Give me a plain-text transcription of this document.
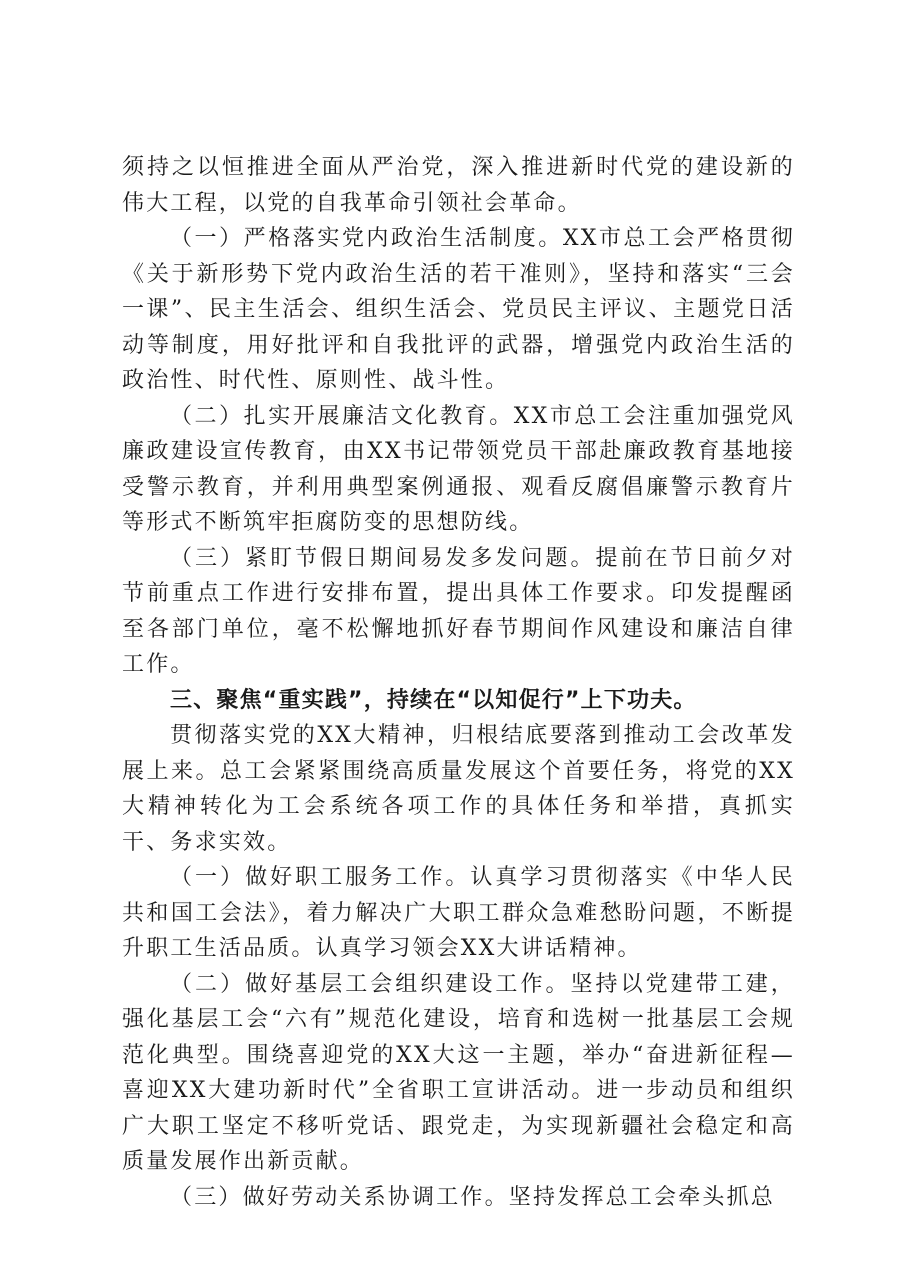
须持之以恒推进全面从严治党，深入推进新时代党的建设新的伟大工程，以党的自我革命引领社会革命。

（一）严格落实党内政治生活制度。XX市总工会严格贯彻《关于新形势下党内政治生活的若干准则》，坚持和落实“三会一课”、民主生活会、组织生活会、党员民主评议、主题党日活动等制度，用好批评和自我批评的武器，增强党内政治生活的政治性、时代性、原则性、战斗性。

（二）扎实开展廉洁文化教育。XX市总工会注重加强党风廉政建设宣传教育，由XX书记带领党员干部赴廉政教育基地接受警示教育，并利用典型案例通报、观看反腐倡廉警示教育片等形式不断筑牢拒腐防变的思想防线。

（三）紧盯节假日期间易发多发问题。提前在节日前夕对节前重点工作进行安排布置，提出具体工作要求。印发提醒函至各部门单位，毫不松懈地抓好春节期间作风建设和廉洁自律工作。

三、聚焦“重实践”，持续在“以知促行”上下功夫。

贯彻落实党的XX大精神，归根结底要落到推动工会改革发展上来。总工会紧紧围绕高质量发展这个首要任务，将党的XX大精神转化为工会系统各项工作的具体任务和举措，真抓实干、务求实效。

（一）做好职工服务工作。认真学习贯彻落实《中华人民共和国工会法》，着力解决广大职工群众急难愁盼问题，不断提升职工生活品质。认真学习领会XX大讲话精神。

（二）做好基层工会组织建设工作。坚持以党建带工建，强化基层工会“六有”规范化建设，培育和选树一批基层工会规范化典型。围绕喜迎党的XX大这一主题，举办“奋进新征程—喜迎XX大建功新时代”全省职工宣讲活动。进一步动员和组织广大职工坚定不移听党话、跟党走，为实现新疆社会稳定和高质量发展作出新贡献。

（三）做好劳动关系协调工作。坚持发挥总工会牵头抓总
